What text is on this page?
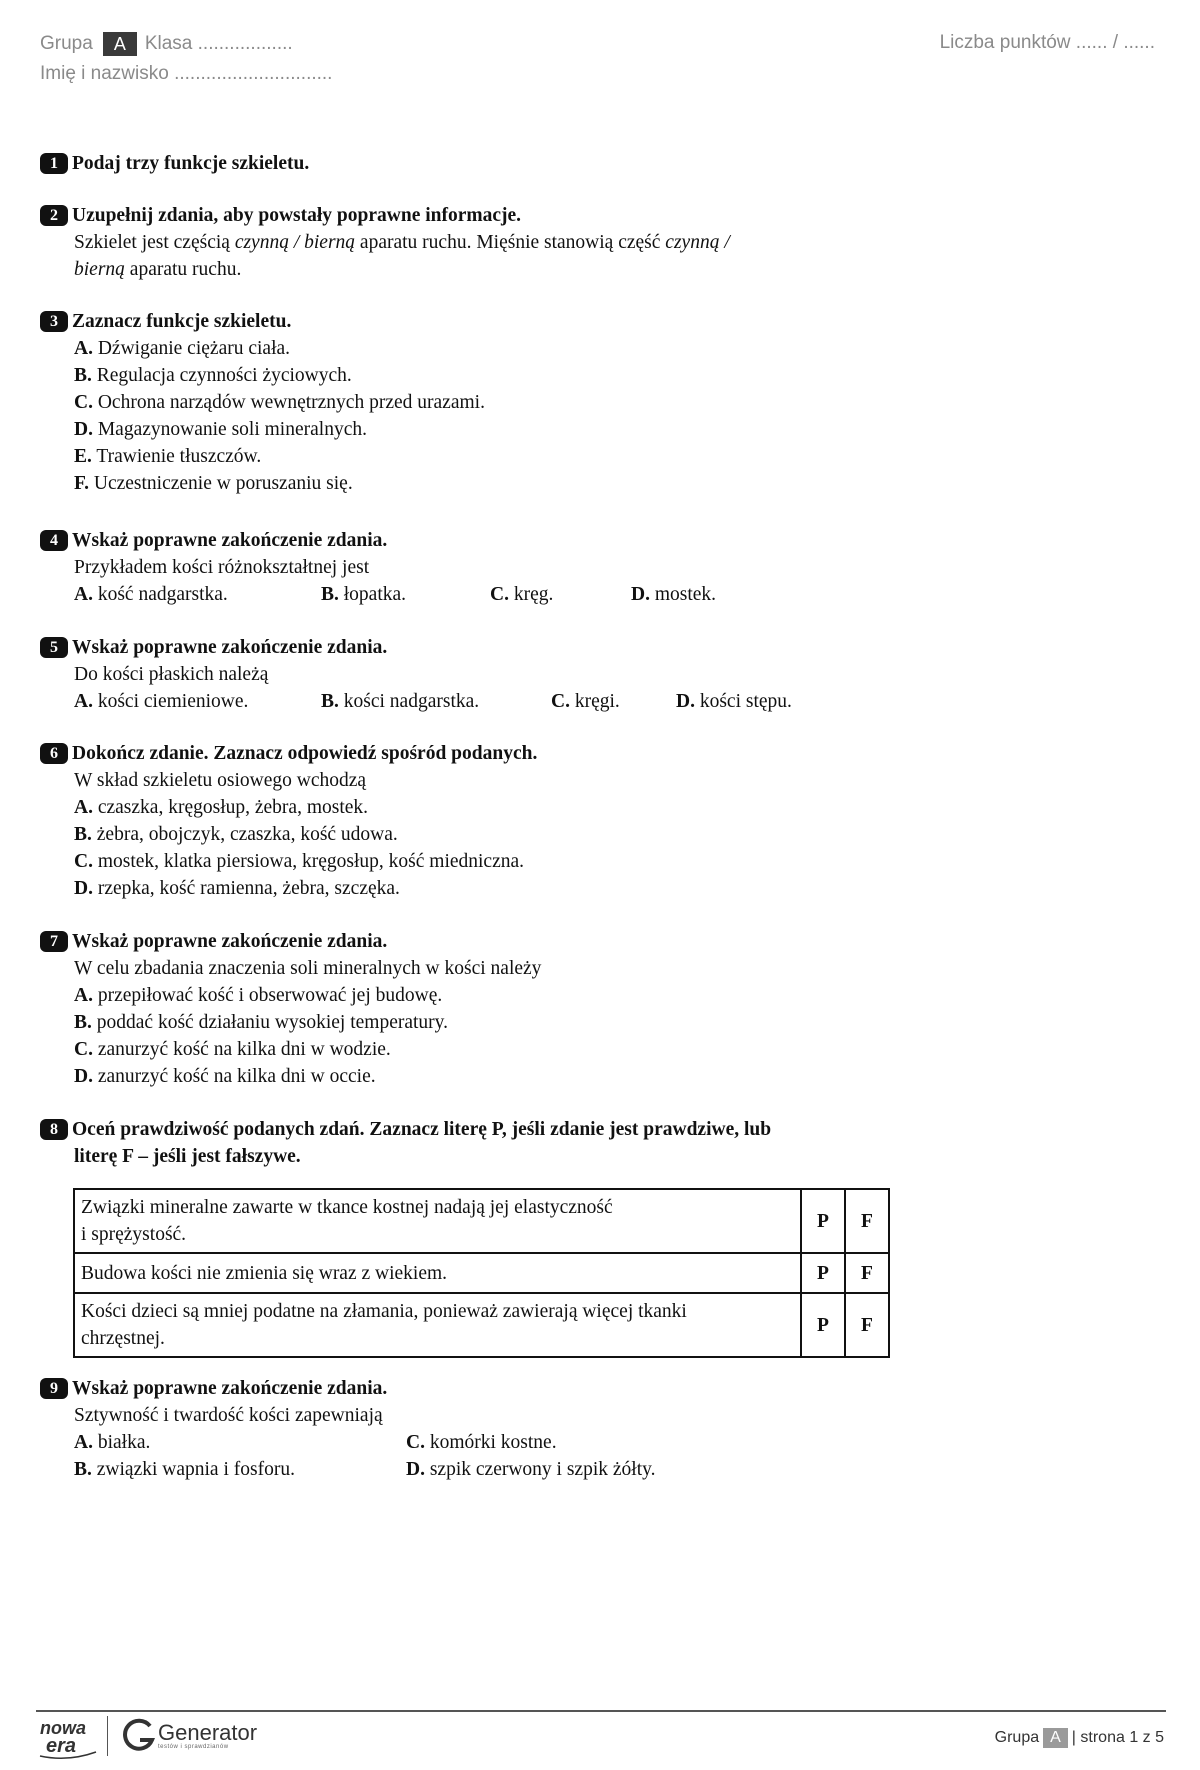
Grupa	A	Klasa ..................
Imię i nazwisko ..............................
Liczba punktów ...... / ......
1 Podaj trzy funkcje szkieletu.
2 Uzupełnij zdania, aby powstały poprawne informacje.
Szkielet jest częścią czynną / bierną aparatu ruchu. Mięśnie stanowią część czynną /
bierną aparatu ruchu.
3 Zaznacz funkcje szkieletu.
A. Dźwiganie ciężaru ciała.
B. Regulacja czynności życiowych.
C. Ochrona narządów wewnętrznych przed urazami.
D. Magazynowanie soli mineralnych.
E. Trawienie tłuszczów.
F. Uczestniczenie w poruszaniu się.
4 Wskaż poprawne zakończenie zdania.
Przykładem kości różnokształtnej jest
A. kość nadgarstka.	B. łopatka.	C. kręg.	D. mostek.
5 Wskaż poprawne zakończenie zdania.
Do kości płaskich należą
A. kości ciemieniowe.	B. kości nadgarstka.	C. kręgi.	D. kości stępu.
6 Dokończ zdanie. Zaznacz odpowiedź spośród podanych.
W skład szkieletu osiowego wchodzą
A. czaszka, kręgosłup, żebra, mostek.
B. żebra, obojczyk, czaszka, kość udowa.
C. mostek, klatka piersiowa, kręgosłup, kość miedniczna.
D. rzepka, kość ramienna, żebra, szczęka.
7 Wskaż poprawne zakończenie zdania.
W celu zbadania znaczenia soli mineralnych w kości należy
A. przepiłować kość i obserwować jej budowę.
B. poddać kość działaniu wysokiej temperatury.
C. zanurzyć kość na kilka dni w wodzie.
D. zanurzyć kość na kilka dni w occie.
8 Oceń prawdziwość podanych zdań. Zaznacz literę P, jeśli zdanie jest prawdziwe, lub
literę F – jeśli jest fałszywe.
Związki mineralne zawarte w tkance kostnej nadają jej elastyczność
i sprężystość.	P	F

Budowa kości nie zmienia się wraz z wiekiem.	P	F

Kości dzieci są mniej podatne na złamania, ponieważ zawierają więcej tkanki
chrzęstnej.	P	F
9 Wskaż poprawne zakończenie zdania.
Sztywność i twardość kości zapewniają
A. białka.	C. komórki kostne.
B. związki wapnia i fosforu.	D. szpik czerwony i szpik żółty.
nowa
era
Generator
testów i sprawdzianów
Grupa A | strona 1 z 5
